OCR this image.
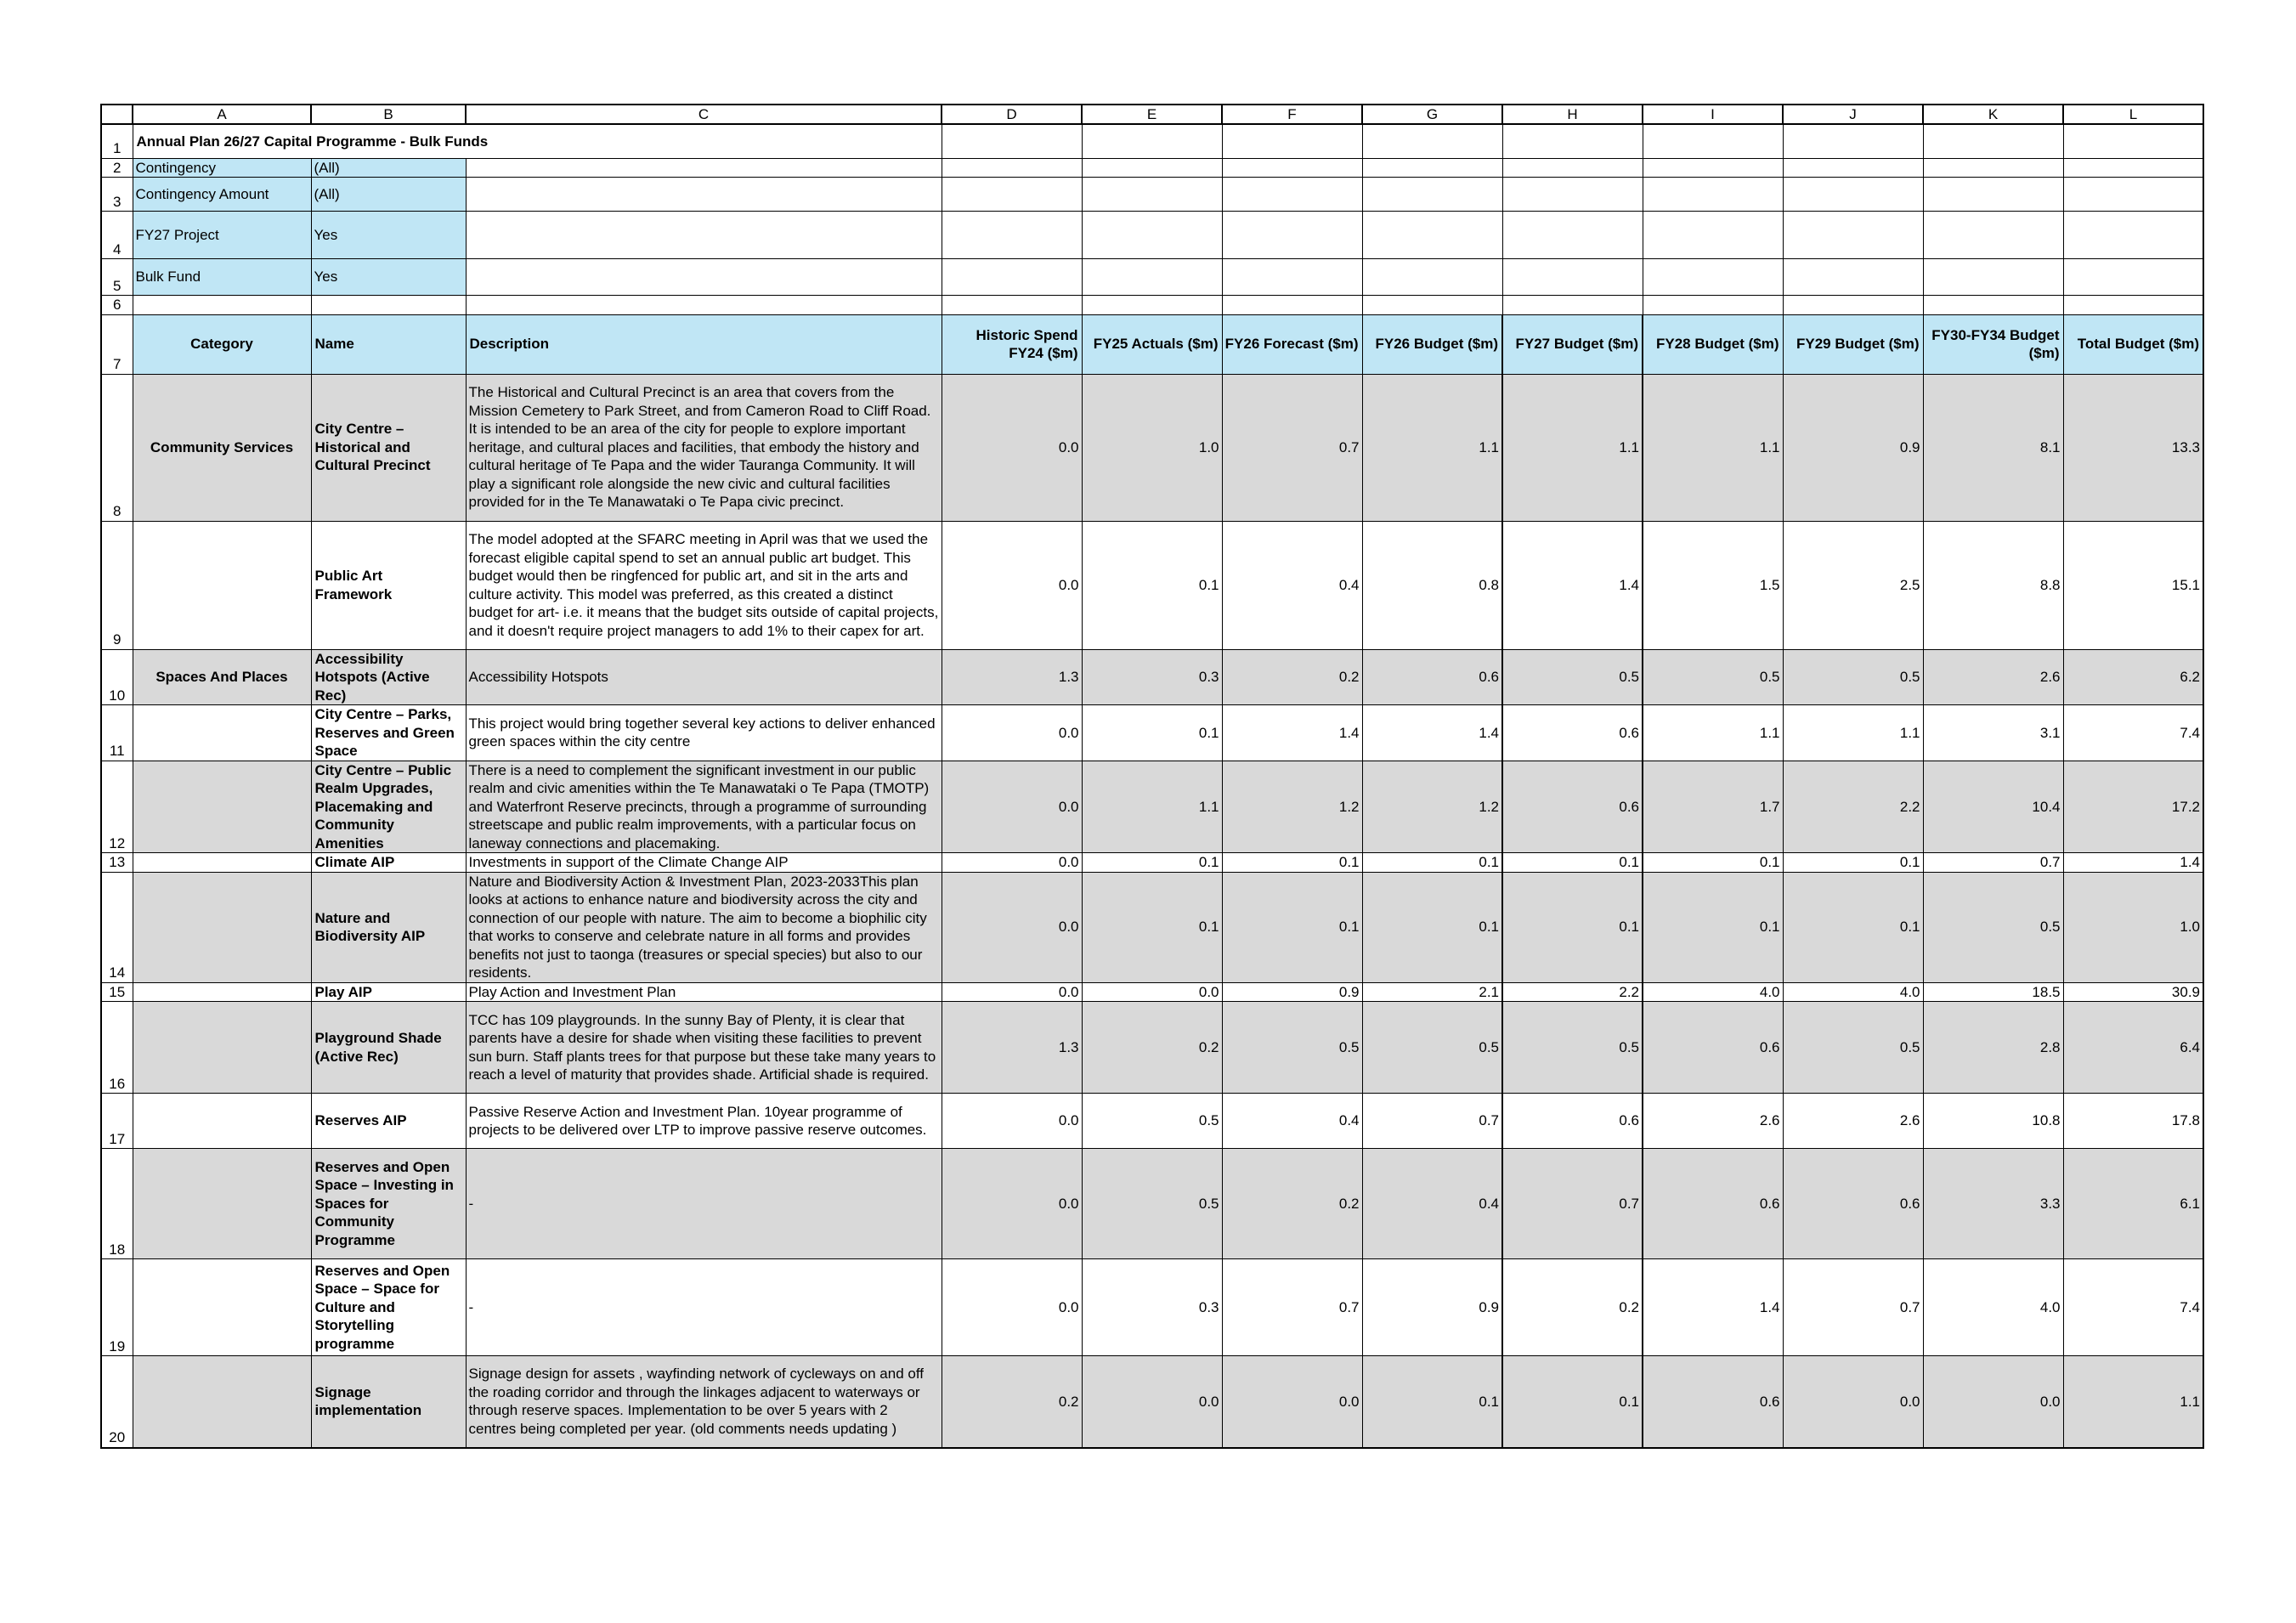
	A	B	C	D	E	F	G	H	I	J	K	L
1	Annual Plan 26/27 Capital Programme - Bulk Funds											
2	Contingency	(All)										
3	Contingency Amount	(All)										
4	FY27 Project	Yes										
5	Bulk Fund	Yes										
6												
7	Category	Name	Description	Historic Spend FY24 ($m)	FY25 Actuals ($m)	FY26 Forecast ($m)	FY26 Budget ($m)	FY27 Budget ($m)	FY28 Budget ($m)	FY29 Budget ($m)	FY30-FY34 Budget ($m)	Total Budget ($m)
8	Community Services	City Centre – Historical and Cultural Precinct	The Historical and Cultural Precinct is an area that covers from the Mission Cemetery to Park Street, and from Cameron Road to Cliff Road. It is intended to be an area of the city for people to explore important heritage, and cultural places and facilities, that embody the history and cultural heritage of Te Papa and the wider Tauranga Community. It will play a significant role alongside the new civic and cultural facilities provided for in the Te Manawataki o Te Papa civic precinct.	0.0	1.0	0.7	1.1	1.1	1.1	0.9	8.1	13.3
9		Public Art Framework	The model adopted at the SFARC meeting in April was that we used the forecast eligible capital spend to set an annual public art budget. This budget would then be ringfenced for public art, and sit in the arts and culture activity. This model was preferred, as this created a distinct budget for art- i.e. it means that the budget sits outside of capital projects, and it doesn't require project managers to add 1% to their capex for art.	0.0	0.1	0.4	0.8	1.4	1.5	2.5	8.8	15.1
10	Spaces And Places	Accessibility Hotspots (Active Rec)	Accessibility Hotspots	1.3	0.3	0.2	0.6	0.5	0.5	0.5	2.6	6.2
11		City Centre – Parks, Reserves and Green Space	This project would bring together several key actions to deliver enhanced green spaces within the city centre	0.0	0.1	1.4	1.4	0.6	1.1	1.1	3.1	7.4
12		City Centre – Public Realm Upgrades, Placemaking and Community Amenities	There is a need to complement the significant investment in our public realm and civic amenities within the Te Manawataki o Te Papa (TMOTP) and Waterfront Reserve precincts, through a programme of surrounding streetscape and public realm improvements, with a particular focus on laneway connections and placemaking.	0.0	1.1	1.2	1.2	0.6	1.7	2.2	10.4	17.2
13		Climate AIP	Investments in support of the Climate Change AIP	0.0	0.1	0.1	0.1	0.1	0.1	0.1	0.7	1.4
14		Nature and Biodiversity AIP	Nature and Biodiversity Action & Investment Plan, 2023-2033This plan looks at actions to enhance nature and biodiversity across the city and connection of our people with nature. The aim to become a biophilic city that works to conserve and celebrate nature in all forms and provides benefits not just to taonga (treasures or special species) but also to our residents.	0.0	0.1	0.1	0.1	0.1	0.1	0.1	0.5	1.0
15		Play AIP	Play Action and Investment Plan	0.0	0.0	0.9	2.1	2.2	4.0	4.0	18.5	30.9
16		Playground Shade (Active Rec)	TCC has 109 playgrounds. In the sunny Bay of Plenty, it is clear that parents have a desire for shade when visiting these facilities to prevent sun burn. Staff plants trees for that purpose but these take many years to reach a level of maturity that provides shade. Artificial shade is required.	1.3	0.2	0.5	0.5	0.5	0.6	0.5	2.8	6.4
17		Reserves AIP	Passive Reserve Action and Investment Plan. 10year programme of projects to be delivered over LTP to improve passive reserve outcomes.	0.0	0.5	0.4	0.7	0.6	2.6	2.6	10.8	17.8
18		Reserves and Open Space – Investing in Spaces for Community Programme	-	0.0	0.5	0.2	0.4	0.7	0.6	0.6	3.3	6.1
19		Reserves and Open Space – Space for Culture and Storytelling programme	-	0.0	0.3	0.7	0.9	0.2	1.4	0.7	4.0	7.4
20		Signage implementation	Signage design for assets , wayfinding network of cycleways on and off the roading corridor and through the linkages adjacent to waterways or through reserve spaces. Implementation to be over 5 years with 2 centres being completed per year. (old comments needs updating )	0.2	0.0	0.0	0.1	0.1	0.6	0.0	0.0	1.1
